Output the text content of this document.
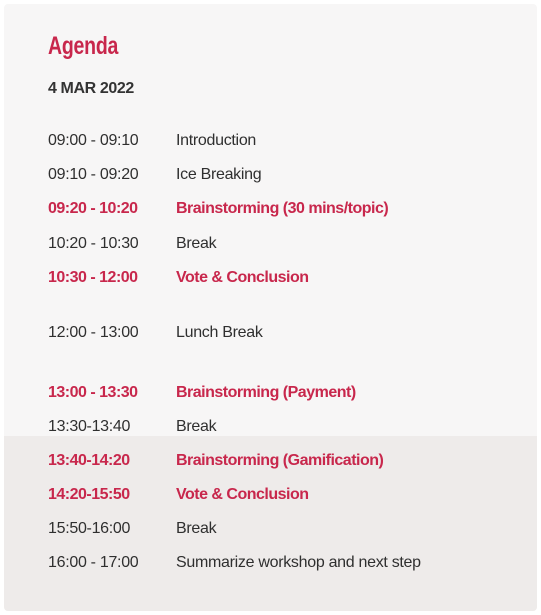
Agenda
4 MAR 2022
09:00 - 09:10 Introduction
09:10 - 09:20 Ice Breaking
09:20 - 10:20 Brainstorming (30 mins/topic)
10:20 - 10:30 Break
10:30 - 12:00 Vote & Conclusion
12:00 - 13:00 Lunch Break
13:00 - 13:30 Brainstorming (Payment)
13:30-13:40	Break
13:40-14:20	Brainstorming (Gamification)
14:20-15:50	Vote & Conclusion
15:50-16:00	Break
16:00 - 17:00 Summarize workshop and next step
